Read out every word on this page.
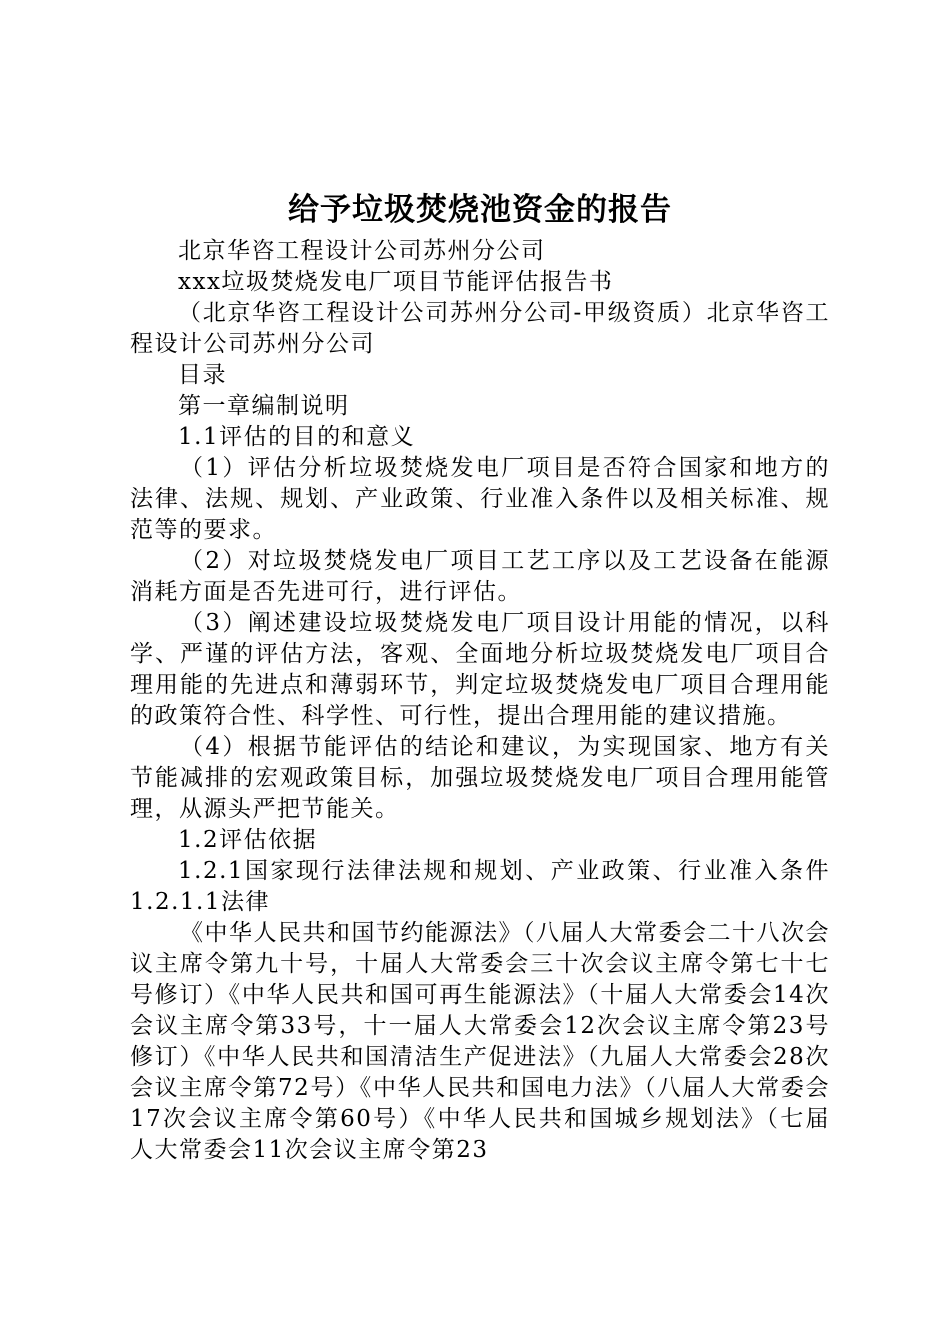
给予垃圾焚烧池资金的报告

北京华咨工程设计公司苏州分公司

xxx垃圾焚烧发电厂项目节能评估报告书

（北京华咨工程设计公司苏州分公司-甲级资质）北京华咨工程设计公司苏州分公司

目录

第一章编制说明

1.1评估的目的和意义

（1）评估分析垃圾焚烧发电厂项目是否符合国家和地方的法律、法规、规划、产业政策、行业准入条件以及相关标准、规范等的要求。

（2）对垃圾焚烧发电厂项目工艺工序以及工艺设备在能源消耗方面是否先进可行，进行评估。

（3）阐述建设垃圾焚烧发电厂项目设计用能的情况，以科学、严谨的评估方法，客观、全面地分析垃圾焚烧发电厂项目合理用能的先进点和薄弱环节，判定垃圾焚烧发电厂项目合理用能的政策符合性、科学性、可行性，提出合理用能的建议措施。

（4）根据节能评估的结论和建议，为实现国家、地方有关节能减排的宏观政策目标，加强垃圾焚烧发电厂项目合理用能管理，从源头严把节能关。

1.2评估依据

1.2.1国家现行法律法规和规划、产业政策、行业准入条件1.2.1.1法律

《中华人民共和国节约能源法》（八届人大常委会二十八次会议主席令第九十号，十届人大常委会三十次会议主席令第七十七号修订）《中华人民共和国可再生能源法》（十届人大常委会14次会议主席令第33号，十一届人大常委会12次会议主席令第23号修订）《中华人民共和国清洁生产促进法》（九届人大常委会28次会议主席令第72号）《中华人民共和国电力法》（八届人大常委会17次会议主席令第60号）《中华人民共和国城乡规划法》（七届人大常委会11次会议主席令第23
